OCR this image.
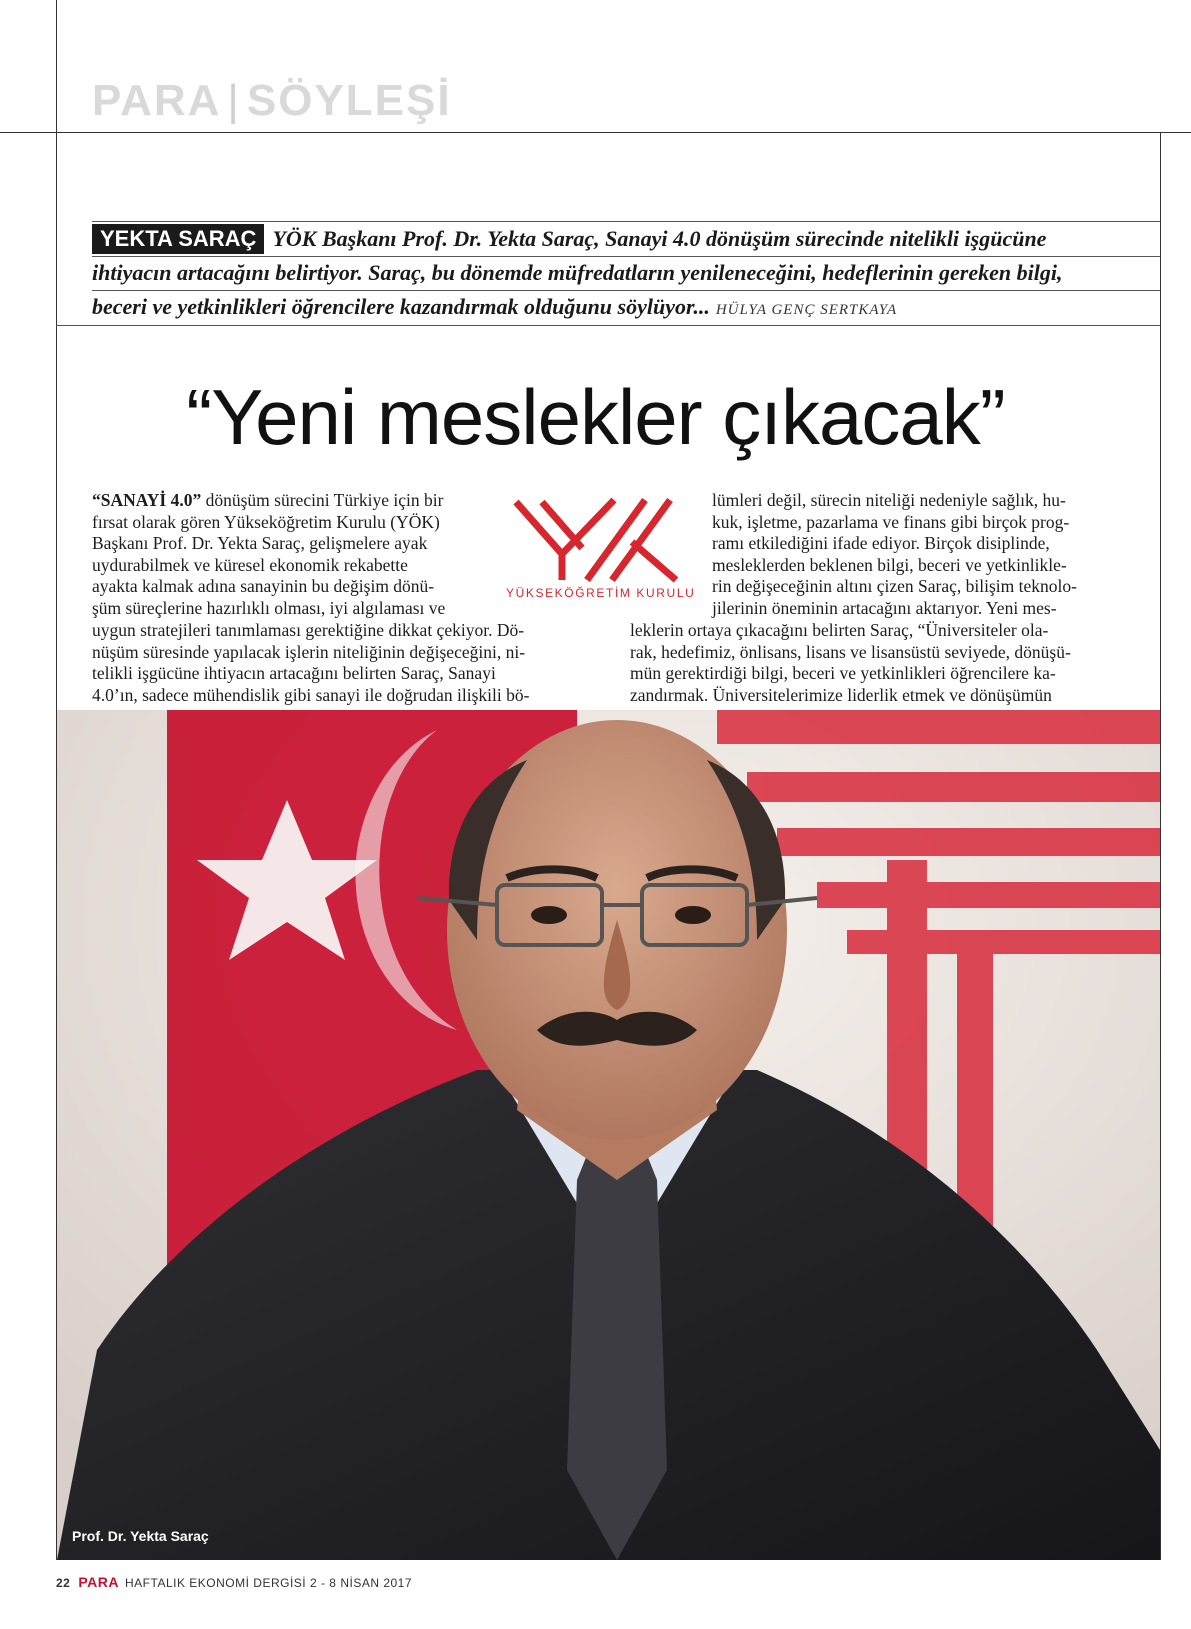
PARA | SÖYLEŞİ
YEKTA SARAÇ YÖK Başkanı Prof. Dr. Yekta Saraç, Sanayi 4.0 dönüşüm sürecinde nitelikli işgücüne
ihtiyacın artacağını belirtiyor. Saraç, bu dönemde müfredatların yenileneceğini, hedeflerinin gereken bilgi,
beceri ve yetkinlikleri öğrencilere kazandırmak olduğunu söylüyor... HÜLYA GENÇ SERTKAYA
“Yeni meslekler çıkacak”
“SANAYİ 4.0” dönüşüm sürecini Türkiye için bir
fırsat olarak gören Yükseköğretim Kurulu (YÖK)
Başkanı Prof. Dr. Yekta Saraç, gelişmelere ayak
uydurabilmek ve küresel ekonomik rekabette
ayakta kalmak adına sanayinin bu değişim dönü-
şüm süreçlerine hazırlıklı olması, iyi algılaması ve
uygun stratejileri tanımlaması gerektiğine dikkat çekiyor. Dö-
nüşüm süresinde yapılacak işlerin niteliğinin değişeceğini, ni-
telikli işgücüne ihtiyacın artacağını belirten Saraç, Sanayi
4.0’ın, sadece mühendislik gibi sanayi ile doğrudan ilişkili bö-
YÜKSEKÖĞRETİM KURULU
lümleri değil, sürecin niteliği nedeniyle sağlık, hu-
kuk, işletme, pazarlama ve finans gibi birçok prog-
ramı etkilediğini ifade ediyor. Birçok disiplinde,
mesleklerden beklenen bilgi, beceri ve yetkinlikle-
rin değişeceğinin altını çizen Saraç, bilişim teknolo-
jilerinin öneminin artacağını aktarıyor. Yeni mes-
leklerin ortaya çıkacağını belirten Saraç, “Üniversiteler ola-
rak, hedefimiz, önlisans, lisans ve lisansüstü seviyede, dönüşü-
mün gerektirdiği bilgi, beceri ve yetkinlikleri öğrencilere ka-
zandırmak. Üniversitelerimize liderlik etmek ve dönüşümün
Prof. Dr. Yekta Saraç
22 PARA HAFTALIK EKONOMİ DERGİSİ 2 - 8 NİSAN 2017
